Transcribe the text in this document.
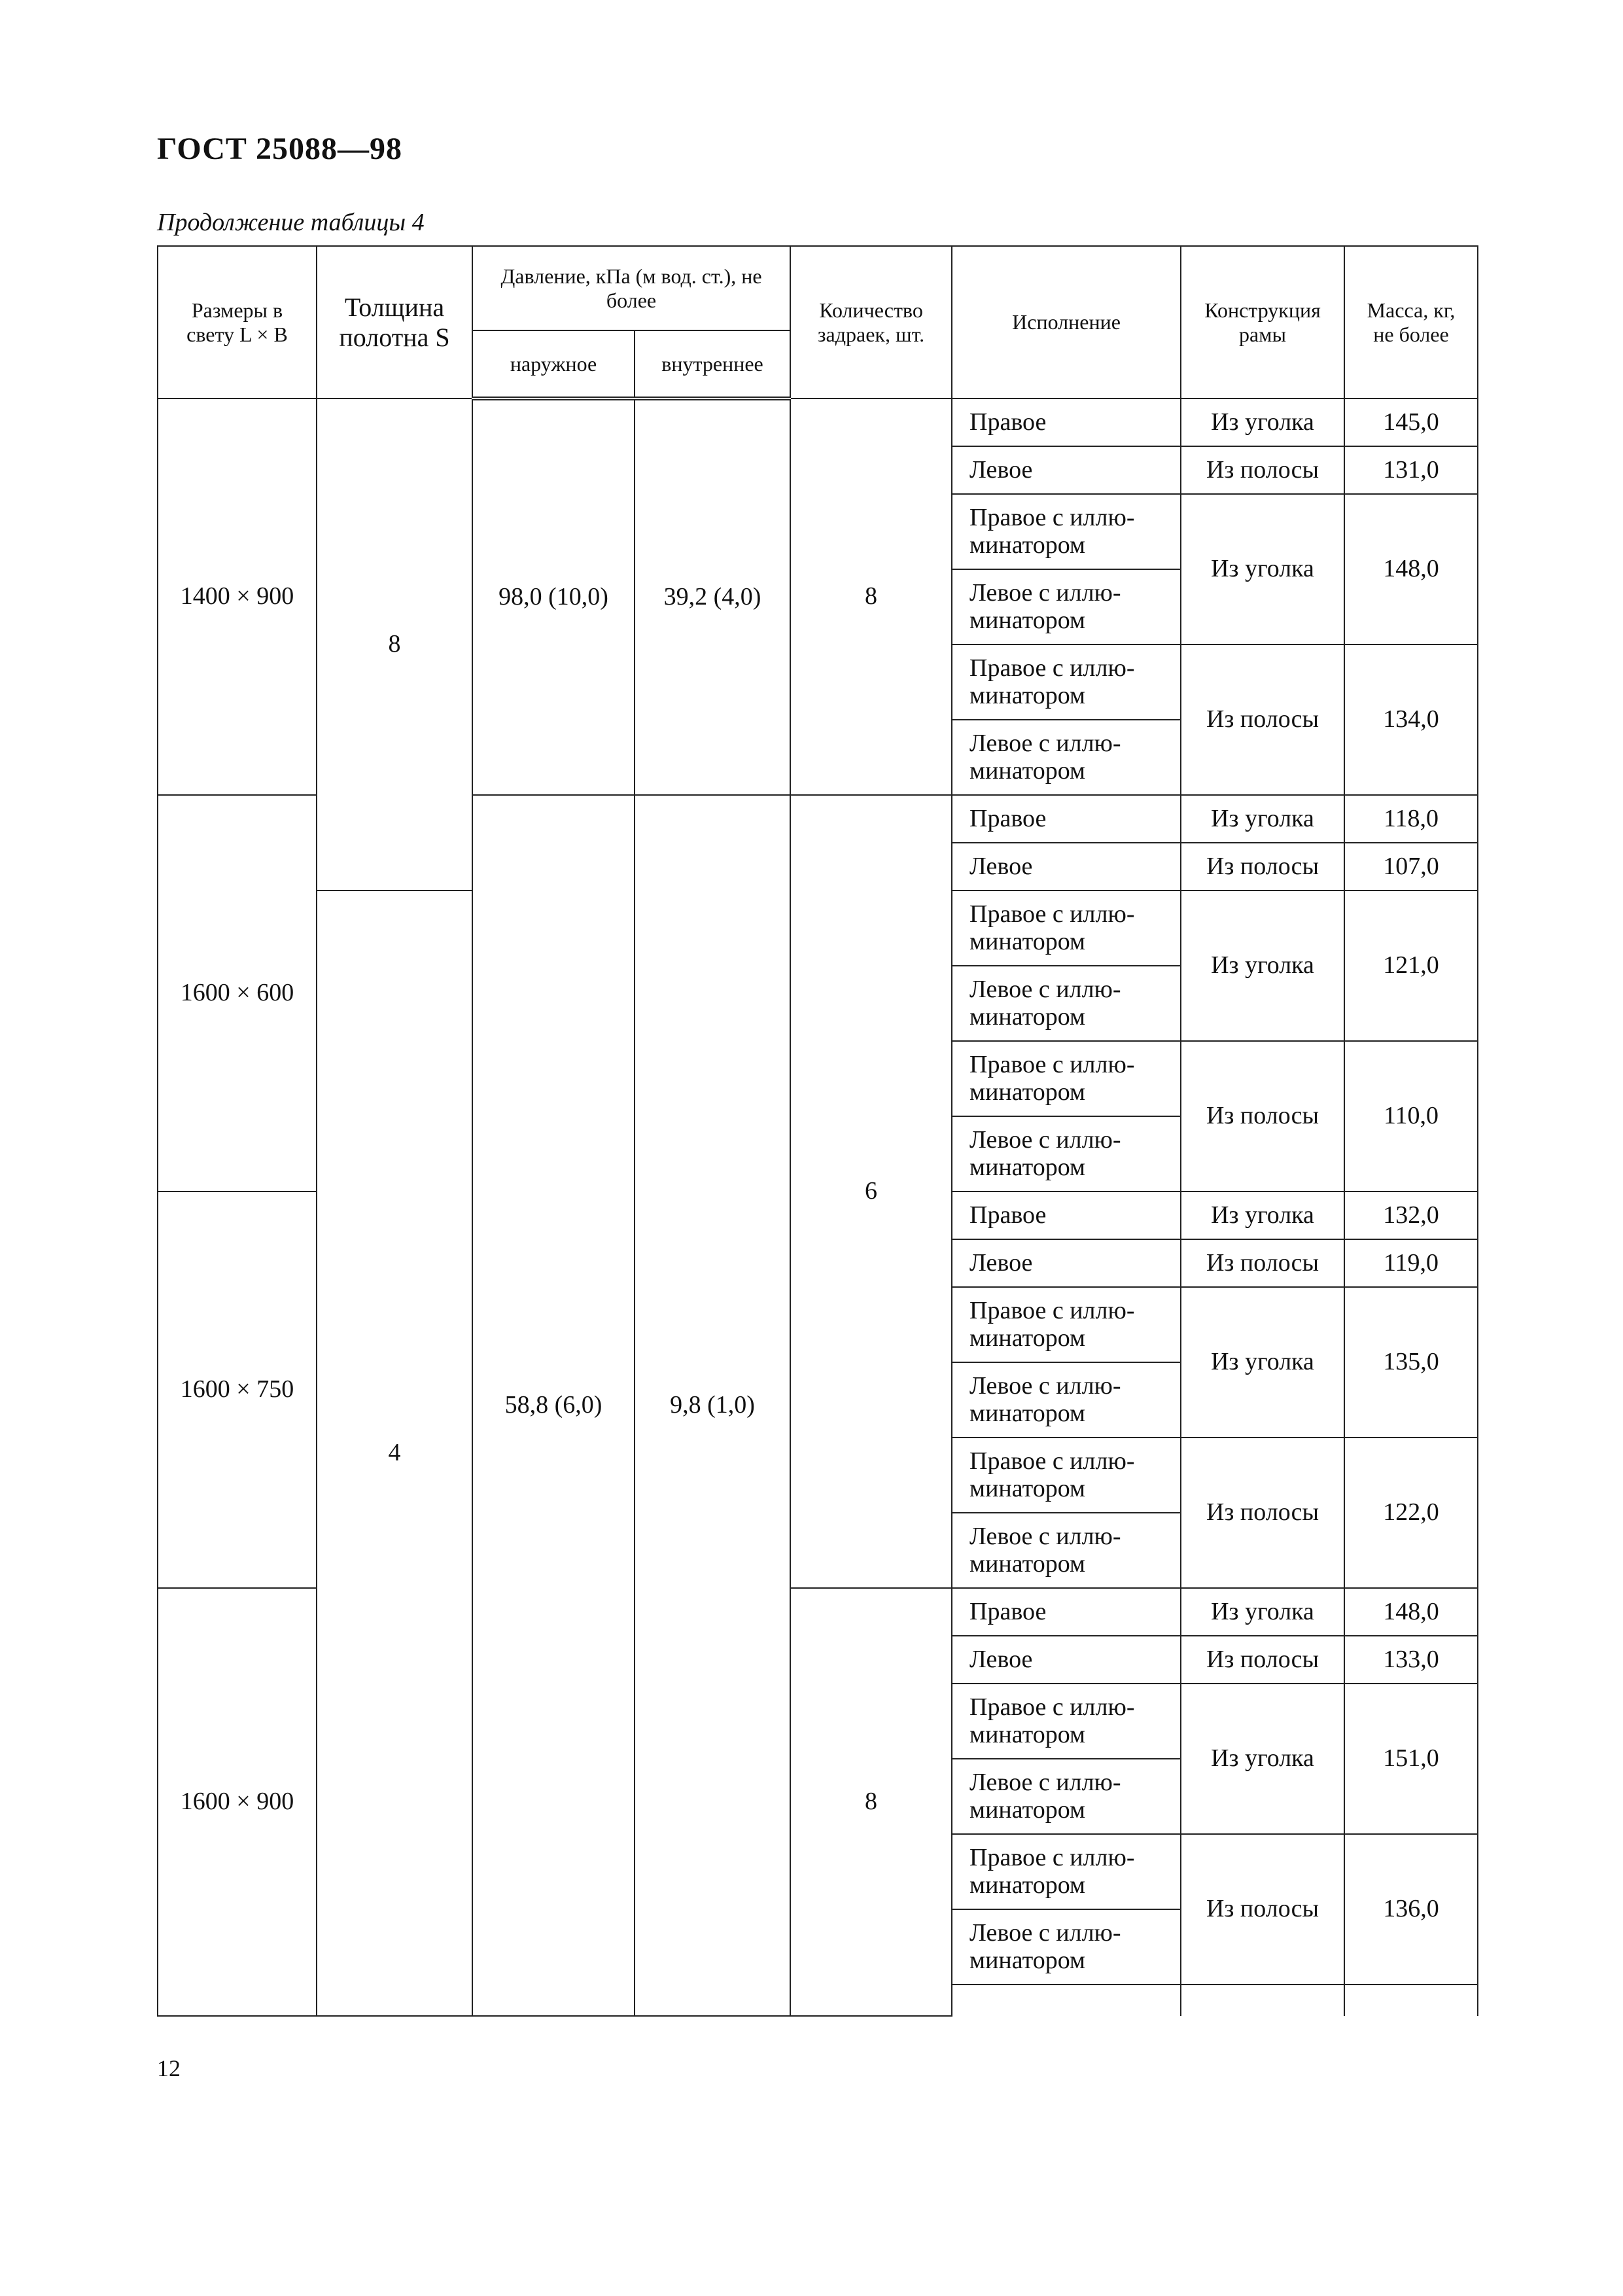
ГОСТ 25088—98
Продолжение таблицы 4
Размеры в свету L × B	Толщина полотна S	Давление, кПа (м вод. ст.), не более		Количество задраек, шт.	Исполнение	Конструкция рамы	Масса, кг, не более
		наружное	внутреннее				
1400 × 900	8	98,0 (10,0)	39,2 (4,0)	8	Правое	Из уголка	145,0
					Левое	Из полосы	131,0
					Правое с иллю-минатором	Из уголка	148,0
					Левое с иллю-минатором		
					Правое с иллю-минатором	Из полосы	134,0
					Левое с иллю-минатором		
1600 × 600		58,8 (6,0)	9,8 (1,0)	6	Правое	Из уголка	118,0
					Левое	Из полосы	107,0
	4				Правое с иллю-минатором	Из уголка	121,0
					Левое с иллю-минатором		
					Правое с иллю-минатором	Из полосы	110,0
					Левое с иллю-минатором		
1600 × 750					Правое	Из уголка	132,0
					Левое	Из полосы	119,0
					Правое с иллю-минатором	Из уголка	135,0
					Левое с иллю-минатором		
					Правое с иллю-минатором	Из полосы	122,0
					Левое с иллю-минатором		
1600 × 900				8	Правое	Из уголка	148,0
					Левое	Из полосы	133,0
					Правое с иллю-минатором	Из уголка	151,0
					Левое с иллю-минатором		
					Правое с иллю-минатором	Из полосы	136,0
					Левое с иллю-минатором		

12
